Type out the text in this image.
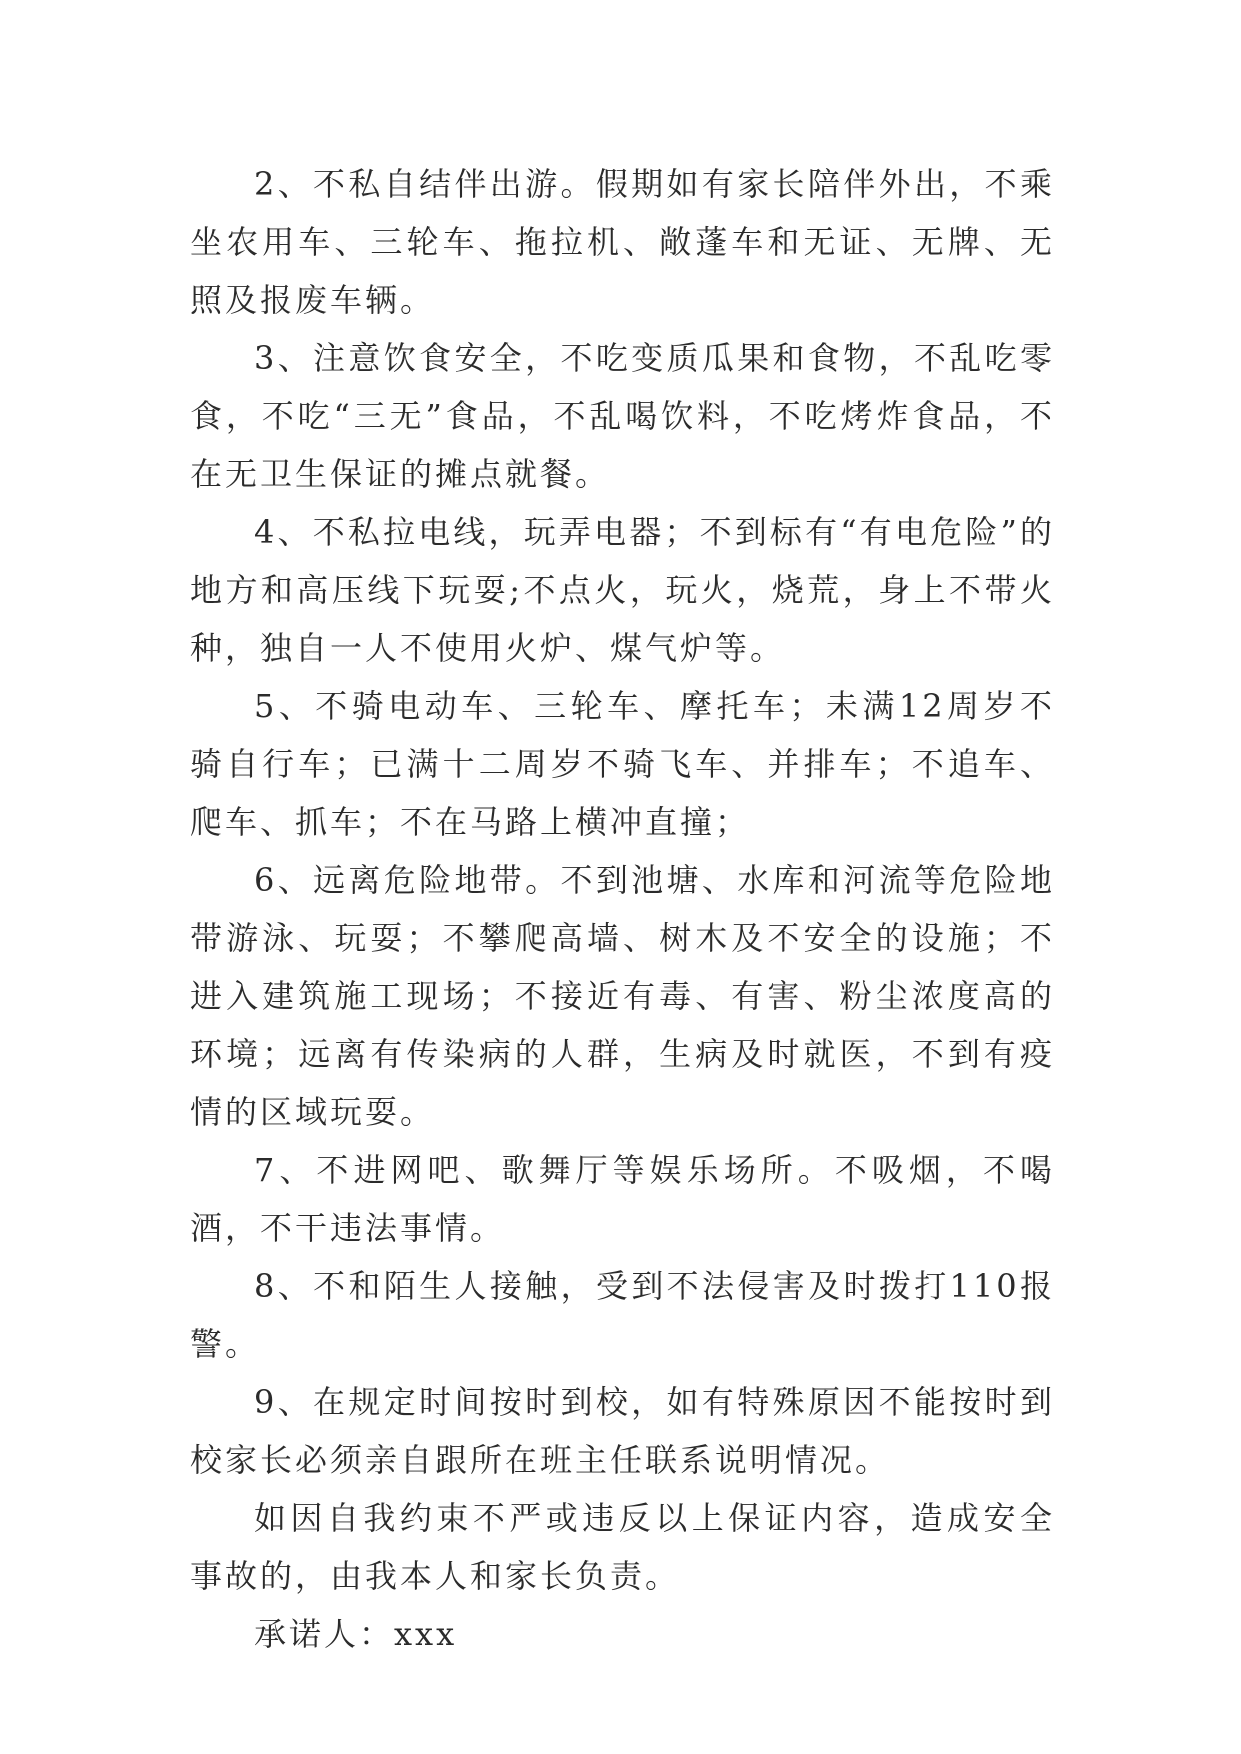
2、不私自结伴出游。假期如有家长陪伴外出，不乘坐农用车、三轮车、拖拉机、敞蓬车和无证、无牌、无照及报废车辆。

3、注意饮食安全，不吃变质瓜果和食物，不乱吃零食，不吃“三无”食品，不乱喝饮料，不吃烤炸食品，不在无卫生保证的摊点就餐。

4、不私拉电线，玩弄电器；不到标有“有电危险”的地方和高压线下玩耍;不点火，玩火，烧荒，身上不带火种，独自一人不使用火炉、煤气炉等。

5、不骑电动车、三轮车、摩托车；未满12周岁不骑自行车；已满十二周岁不骑飞车、并排车；不追车、爬车、抓车；不在马路上横冲直撞；

6、远离危险地带。不到池塘、水库和河流等危险地带游泳、玩耍；不攀爬高墙、树木及不安全的设施；不进入建筑施工现场；不接近有毒、有害、粉尘浓度高的环境；远离有传染病的人群，生病及时就医，不到有疫情的区域玩耍。

7、不进网吧、歌舞厅等娱乐场所。不吸烟，不喝酒，不干违法事情。

8、不和陌生人接触，受到不法侵害及时拨打110报警。

9、在规定时间按时到校，如有特殊原因不能按时到校家长必须亲自跟所在班主任联系说明情况。

如因自我约束不严或违反以上保证内容，造成安全事故的，由我本人和家长负责。

承诺人：xxx
